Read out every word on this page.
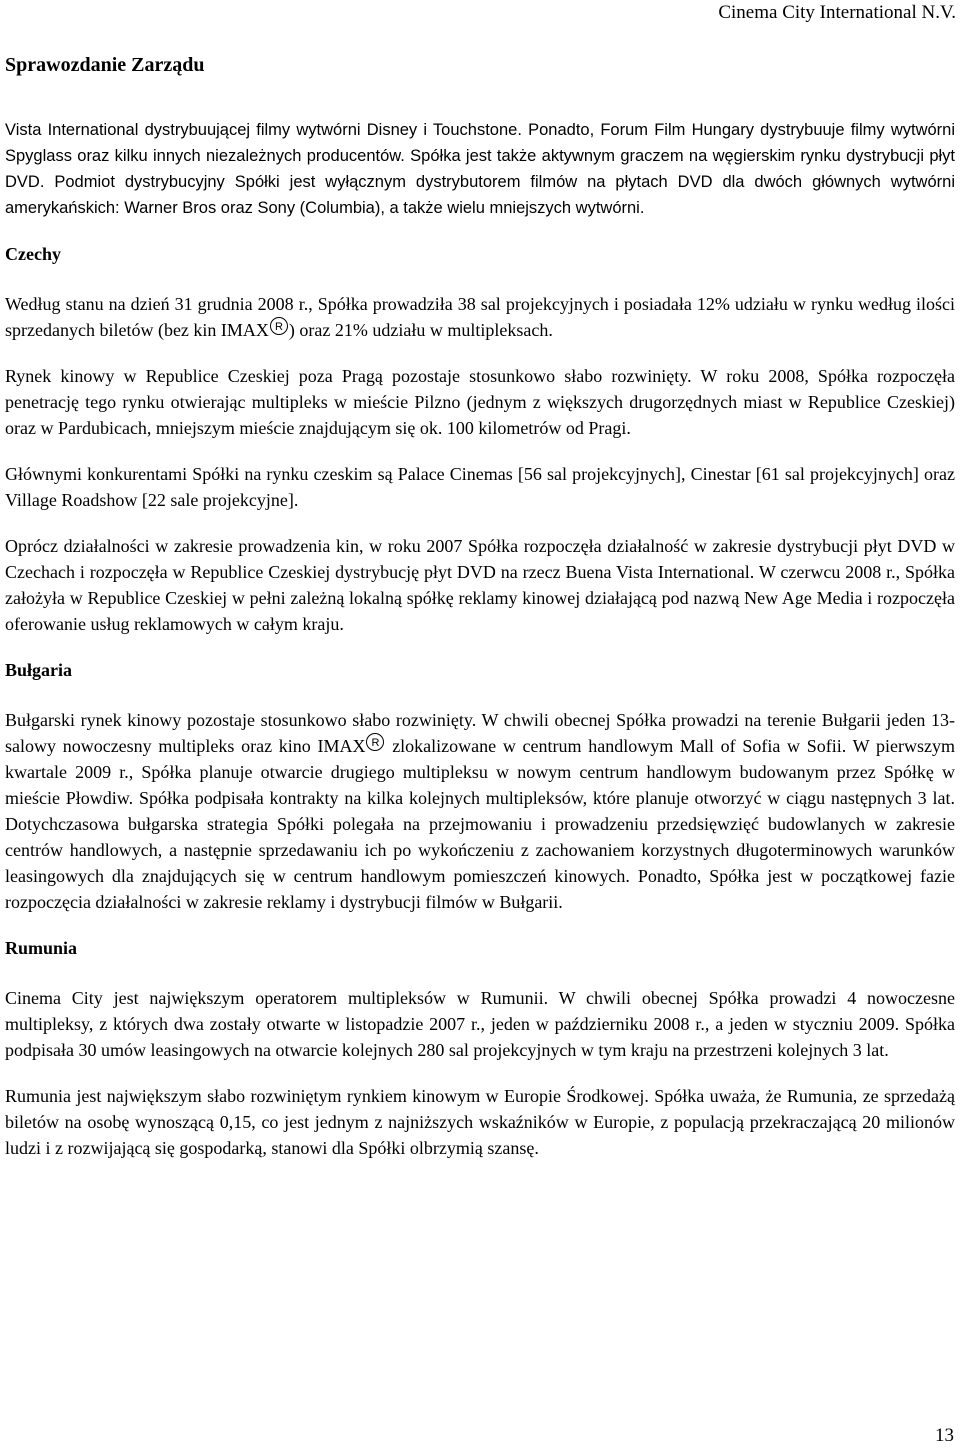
Cinema City International N.V.
Sprawozdanie Zarządu

Vista International dystrybuującej filmy wytwórni Disney i Touchstone. Ponadto, Forum Film Hungary dystrybuuje filmy wytwórni Spyglass oraz kilku innych niezależnych producentów. Spółka jest także aktywnym graczem na węgierskim rynku dystrybucji płyt DVD. Podmiot dystrybucyjny Spółki jest wyłącznym dystrybutorem filmów na płytach DVD dla dwóch głównych wytwórni amerykańskich: Warner Bros oraz Sony (Columbia), a także wielu mniejszych wytwórni.

Czechy

Według stanu na dzień 31 grudnia 2008 r., Spółka prowadziła 38 sal projekcyjnych i posiadała 12% udziału w rynku według ilości sprzedanych biletów (bez kin IMAX R ) oraz 21% udziału w multipleksach.

Rynek kinowy w Republice Czeskiej poza Pragą pozostaje stosunkowo słabo rozwinięty. W roku 2008, Spółka rozpoczęła penetrację tego rynku otwierając multipleks w mieście Pilzno (jednym z większych drugorzędnych miast w Republice Czeskiej) oraz w Pardubicach, mniejszym mieście znajdującym się ok. 100 kilometrów od Pragi.

Głównymi konkurentami Spółki na rynku czeskim są Palace Cinemas [56 sal projekcyjnych], Cinestar [61 sal projekcyjnych] oraz Village Roadshow [22 sale projekcyjne].

Oprócz działalności w zakresie prowadzenia kin, w roku 2007 Spółka rozpoczęła działalność w zakresie dystrybucji płyt DVD w Czechach i rozpoczęła w Republice Czeskiej dystrybucję płyt DVD na rzecz Buena Vista International. W czerwcu 2008 r., Spółka założyła w Republice Czeskiej w pełni zależną lokalną spółkę reklamy kinowej działającą pod nazwą New Age Media i rozpoczęła oferowanie usług reklamowych w całym kraju.

Bułgaria

Bułgarski rynek kinowy pozostaje stosunkowo słabo rozwinięty. W chwili obecnej Spółka prowadzi na terenie Bułgarii jeden 13-salowy nowoczesny multipleks oraz kino IMAX R zlokalizowane w centrum handlowym Mall of Sofia w Sofii. W pierwszym kwartale 2009 r., Spółka planuje otwarcie drugiego multipleksu w nowym centrum handlowym budowanym przez Spółkę w mieście Płowdiw. Spółka podpisała kontrakty na kilka kolejnych multipleksów, które planuje otworzyć w ciągu następnych 3 lat. Dotychczasowa bułgarska strategia Spółki polegała na przejmowaniu i prowadzeniu przedsięwzięć budowlanych w zakresie centrów handlowych, a następnie sprzedawaniu ich po wykończeniu z zachowaniem korzystnych długoterminowych warunków leasingowych dla znajdujących się w centrum handlowym pomieszczeń kinowych. Ponadto, Spółka jest w początkowej fazie rozpoczęcia działalności w zakresie reklamy i dystrybucji filmów w Bułgarii.

Rumunia

Cinema City jest największym operatorem multipleksów w Rumunii. W chwili obecnej Spółka prowadzi 4 nowoczesne multipleksy, z których dwa zostały otwarte w listopadzie 2007 r., jeden w październiku 2008 r., a jeden w styczniu 2009. Spółka podpisała 30 umów leasingowych na otwarcie kolejnych 280 sal projekcyjnych w tym kraju na przestrzeni kolejnych 3 lat.

Rumunia jest największym słabo rozwiniętym rynkiem kinowym w Europie Środkowej. Spółka uważa, że Rumunia, ze sprzedażą biletów na osobę wynoszącą 0,15, co jest jednym z najniższych wskaźników w Europie, z populacją przekraczającą 20 milionów ludzi i z rozwijającą się gospodarką, stanowi dla Spółki olbrzymią szansę.

13
